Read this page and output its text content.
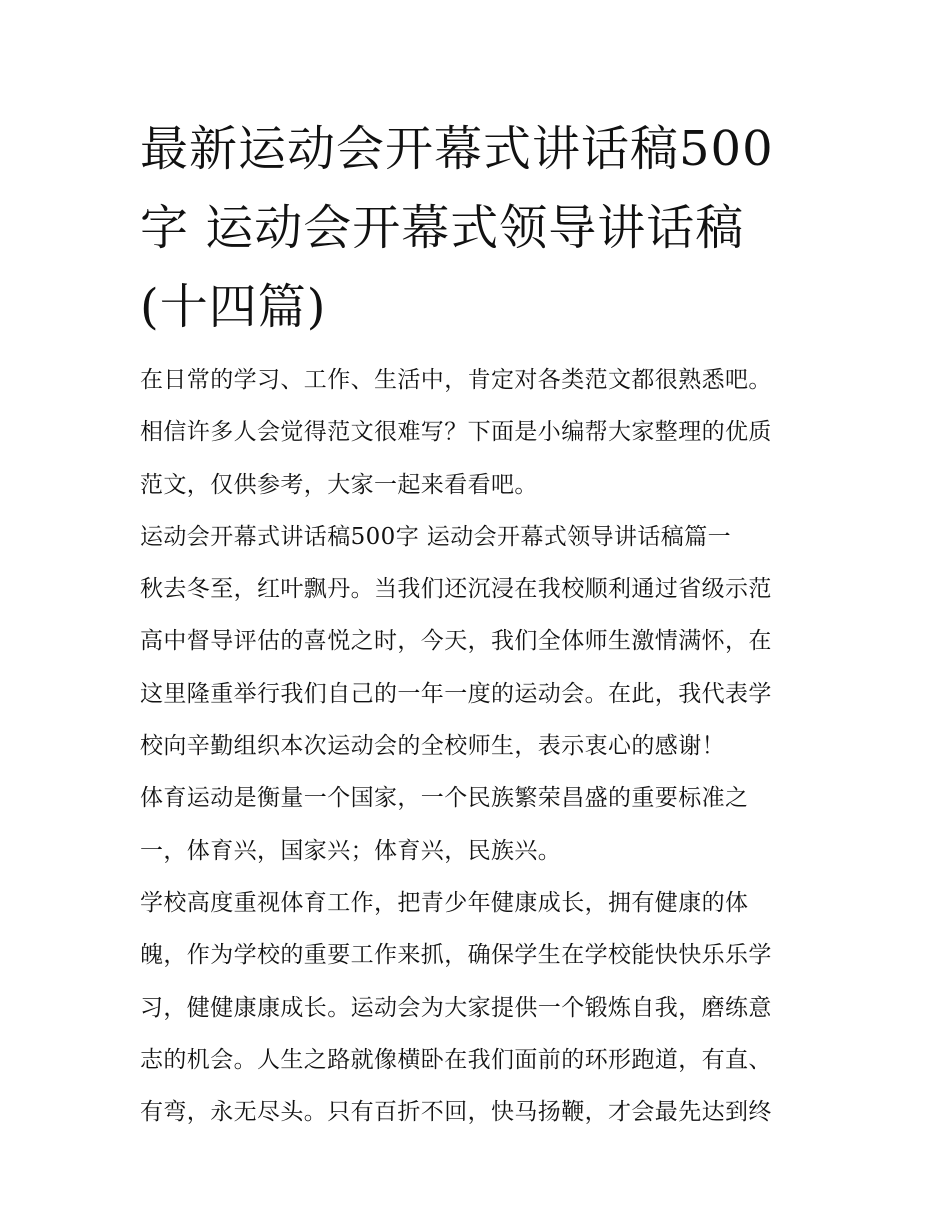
最新运动会开幕式讲话稿500
字 运动会开幕式领导讲话稿
(十四篇)

在日常的学习、工作、生活中，肯定对各类范文都很熟悉吧。
相信许多人会觉得范文很难写？下面是小编帮大家整理的优质
范文，仅供参考，大家一起来看看吧。

运动会开幕式讲话稿500字 运动会开幕式领导讲话稿篇一

秋去冬至，红叶飘丹。当我们还沉浸在我校顺利通过省级示范
高中督导评估的喜悦之时，今天，我们全体师生激情满怀，在
这里隆重举行我们自己的一年一度的运动会。在此，我代表学
校向辛勤组织本次运动会的全校师生，表示衷心的感谢！

体育运动是衡量一个国家，一个民族繁荣昌盛的重要标准之
一，体育兴，国家兴；体育兴，民族兴。

学校高度重视体育工作，把青少年健康成长，拥有健康的体
魄，作为学校的重要工作来抓，确保学生在学校能快快乐乐学
习，健健康康成长。运动会为大家提供一个锻炼自我，磨练意
志的机会。人生之路就像横卧在我们面前的环形跑道，有直、
有弯，永无尽头。只有百折不回，快马扬鞭，才会最先达到终
